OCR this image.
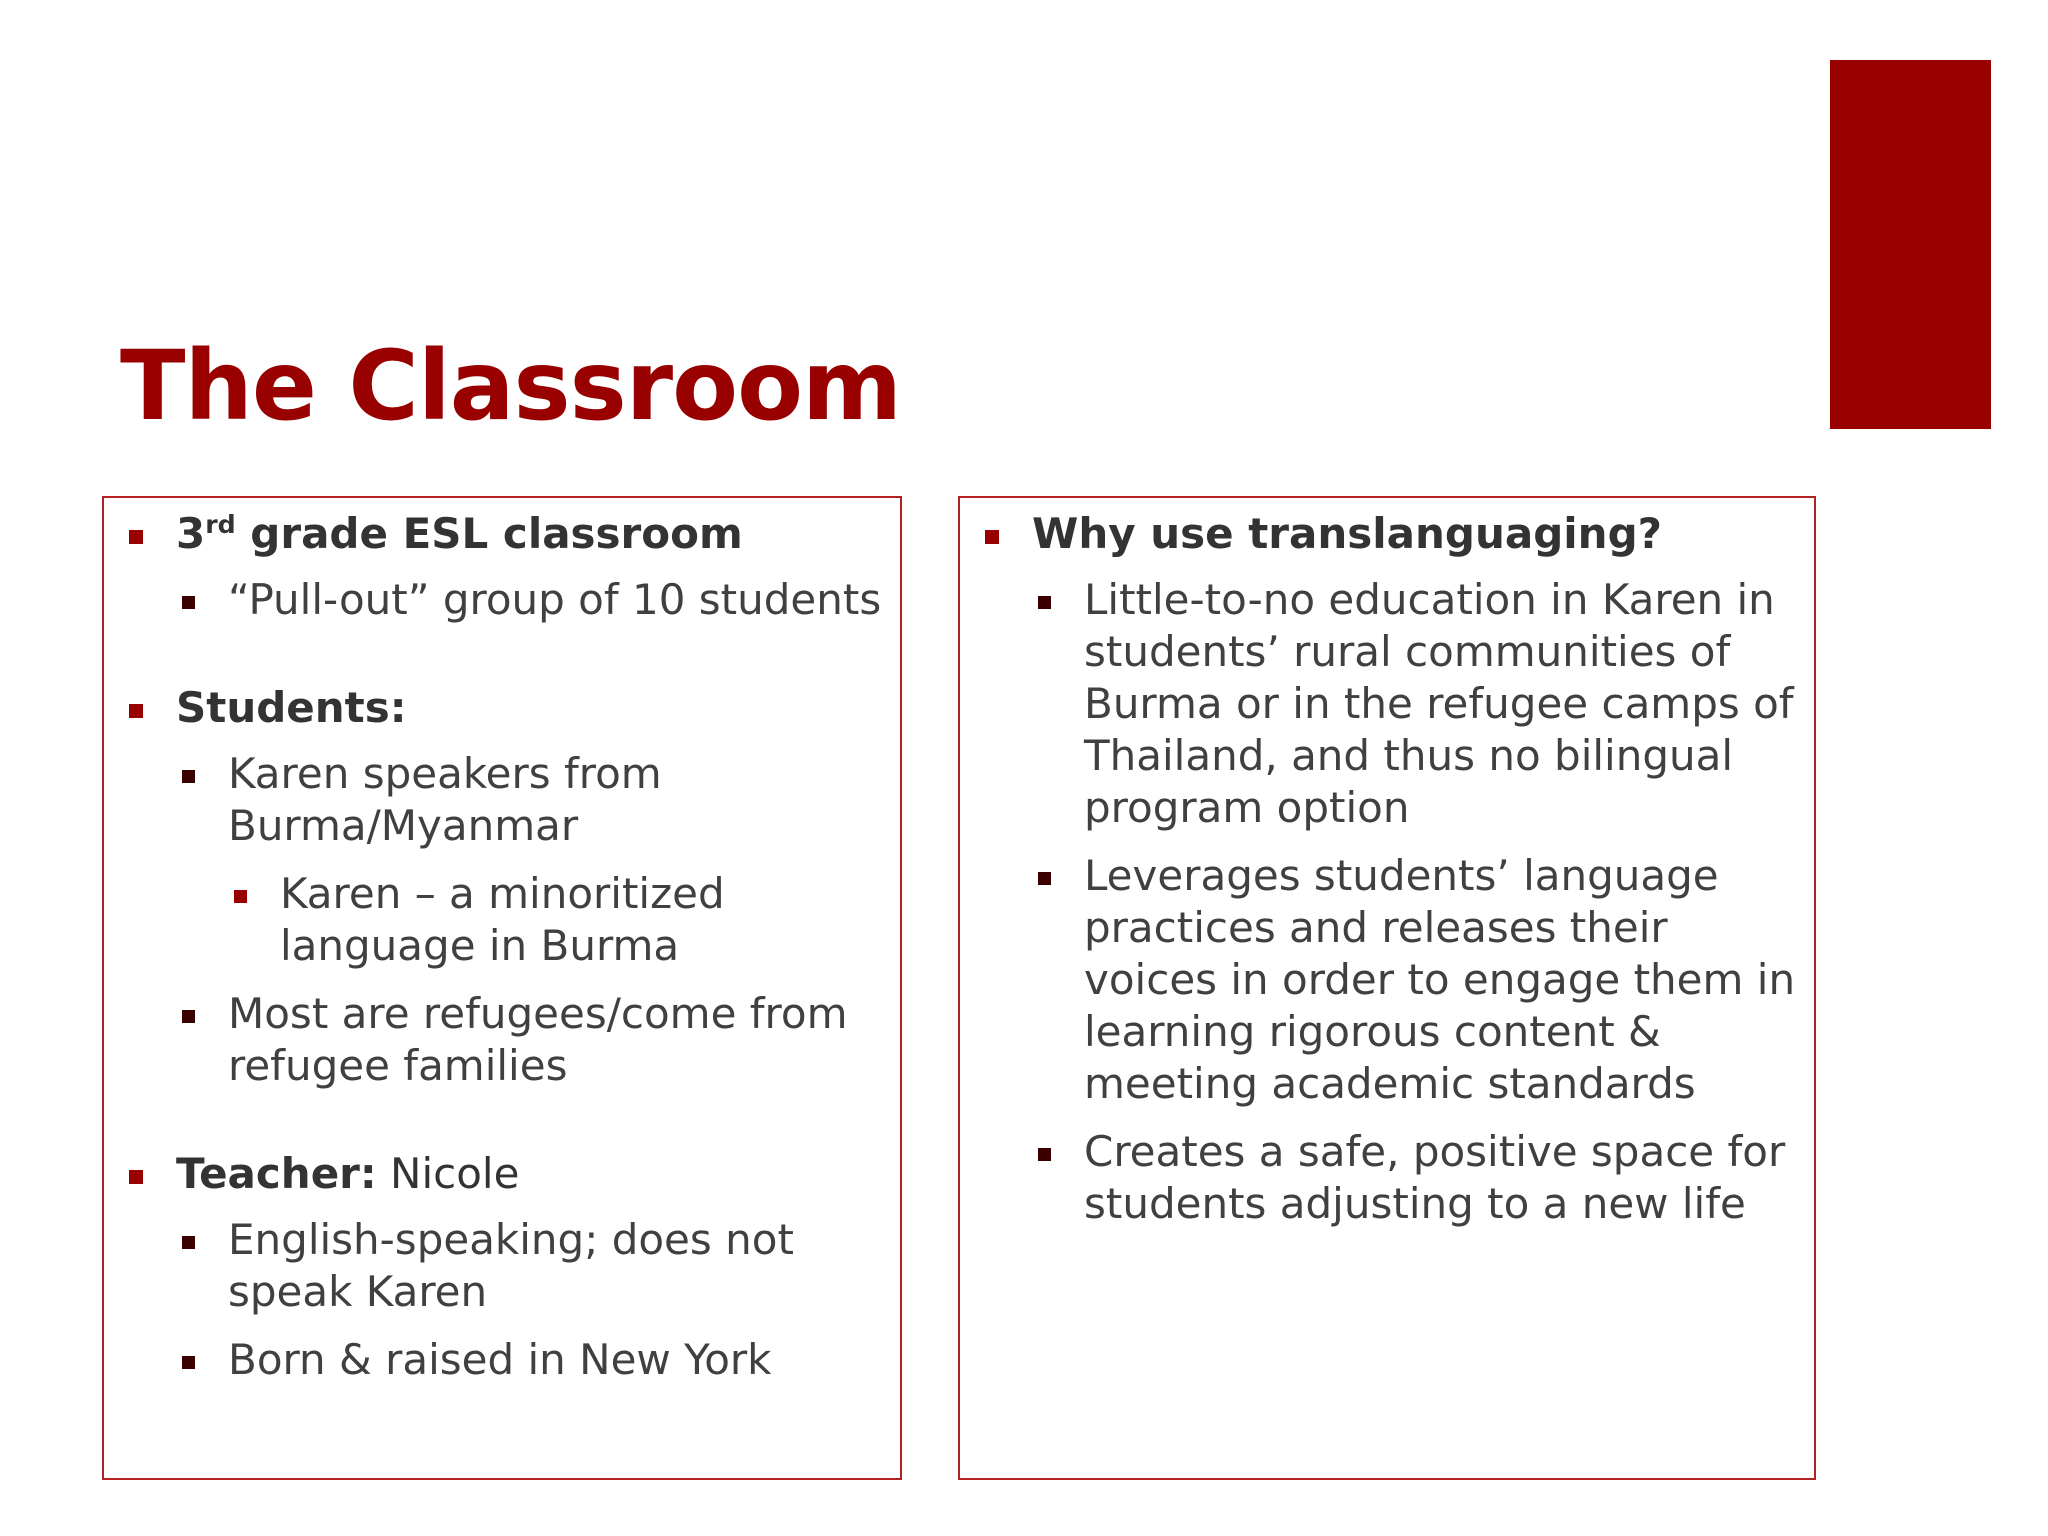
The Classroom
3rd grade ESL classroom
“Pull-out” group of 10 students
Students:
Karen speakers from Burma/Myanmar
Karen – a minoritized language in Burma
Most are refugees/come from refugee families
Teacher: Nicole
English-speaking; does not speak Karen
Born & raised in New York
Why use translanguaging?
Little-to-no education in Karen in students’ rural communities of Burma or in the refugee camps of Thailand, and thus no bilingual program option
Leverages students’ language practices and releases their voices in order to engage them in learning rigorous content & meeting academic standards
Creates a safe, positive space for students adjusting to a new life
